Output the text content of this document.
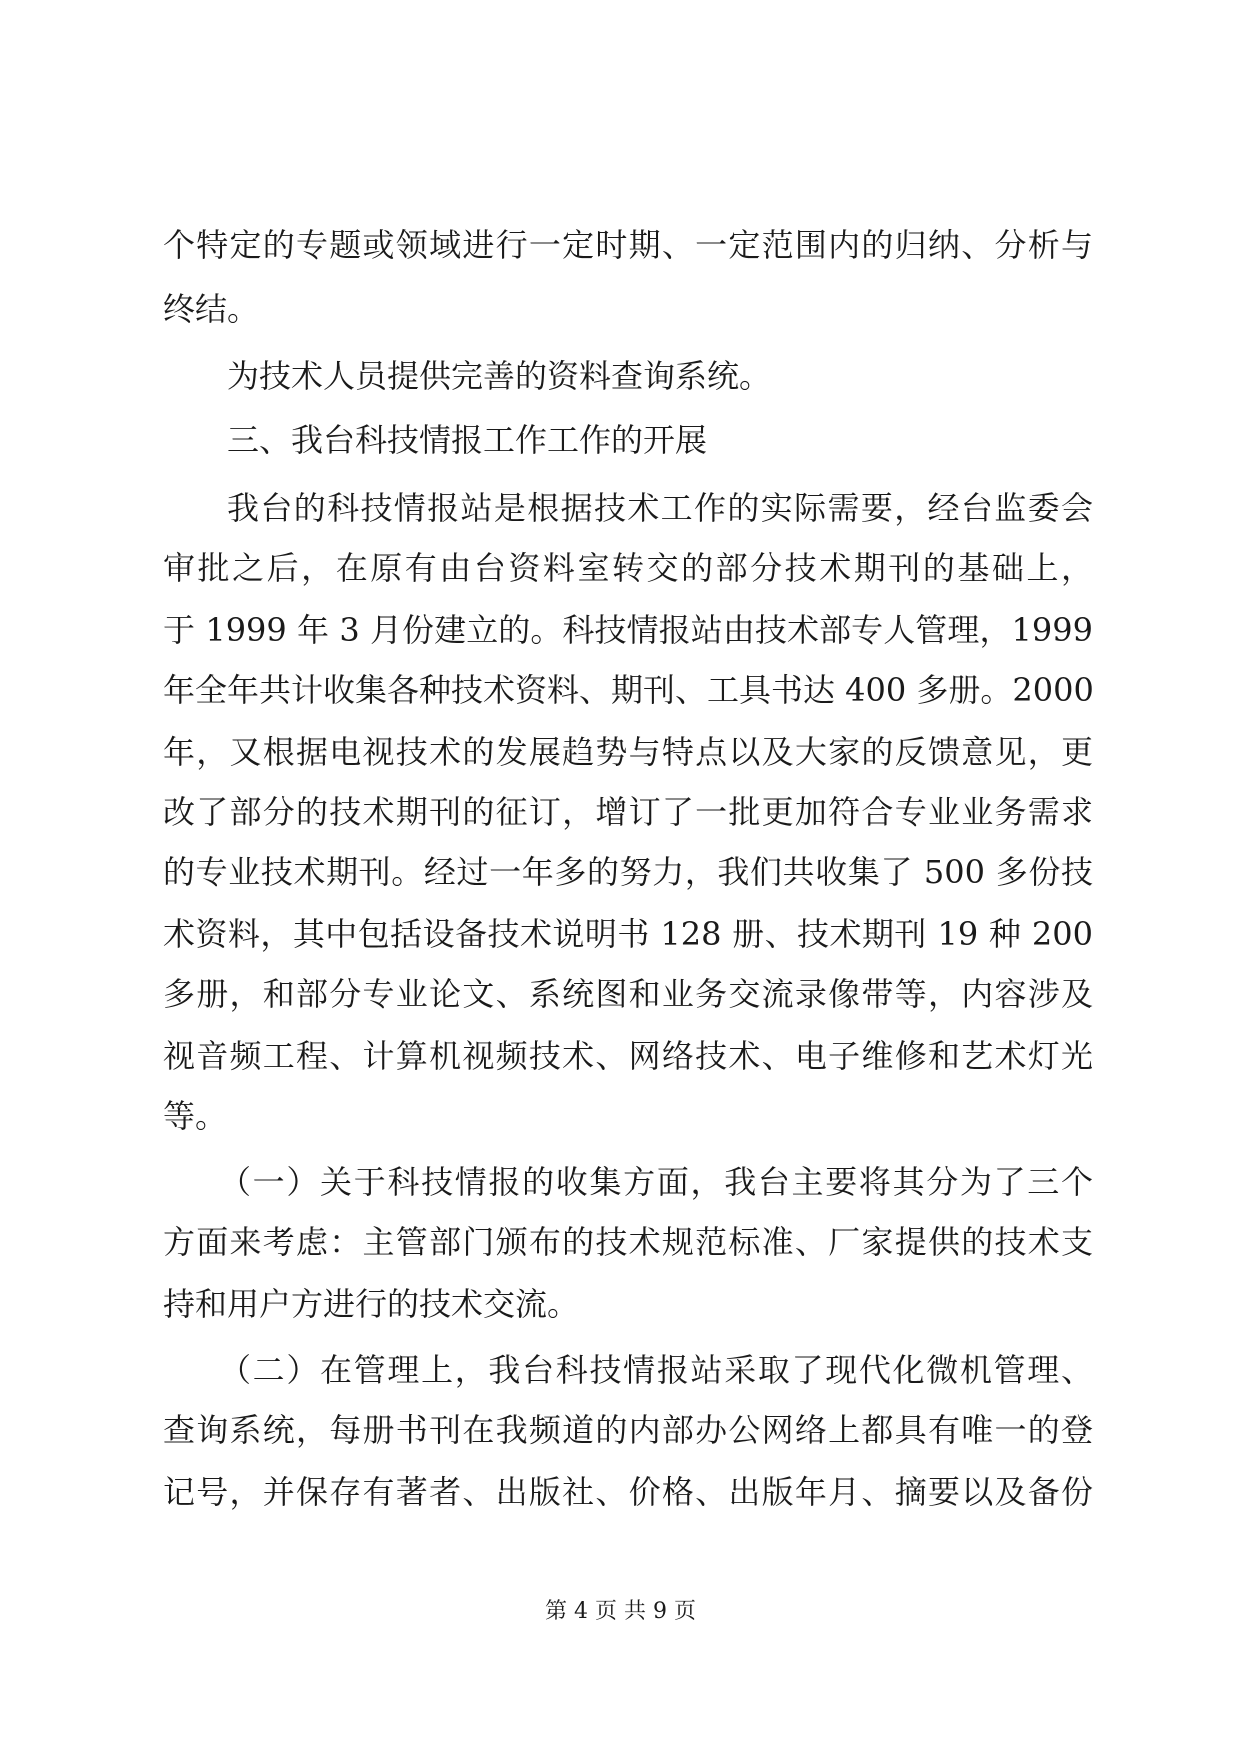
个特定的专题或领域进行一定时期、一定范围内的归纳、分析与
终结。
为技术人员提供完善的资料查询系统。
三、我台科技情报工作工作的开展
我台的科技情报站是根据技术工作的实际需要，经台监委会
审批之后，在原有由台资料室转交的部分技术期刊的基础上，
于 1999 年 3 月份建立的。科技情报站由技术部专人管理，1999
年全年共计收集各种技术资料、期刊、工具书达 400 多册。2000
年，又根据电视技术的发展趋势与特点以及大家的反馈意见，更
改了部分的技术期刊的征订，增订了一批更加符合专业业务需求
的专业技术期刊。经过一年多的努力，我们共收集了 500 多份技
术资料，其中包括设备技术说明书 128 册、技术期刊 19 种 200
多册，和部分专业论文、系统图和业务交流录像带等，内容涉及
视音频工程、计算机视频技术、网络技术、电子维修和艺术灯光
等。
（一）关于科技情报的收集方面，我台主要将其分为了三个
方面来考虑：主管部门颁布的技术规范标准、厂家提供的技术支
持和用户方进行的技术交流。
（二）在管理上，我台科技情报站采取了现代化微机管理、
查询系统，每册书刊在我频道的内部办公网络上都具有唯一的登
记号，并保存有著者、出版社、价格、出版年月、摘要以及备份
第 4 页 共 9 页
